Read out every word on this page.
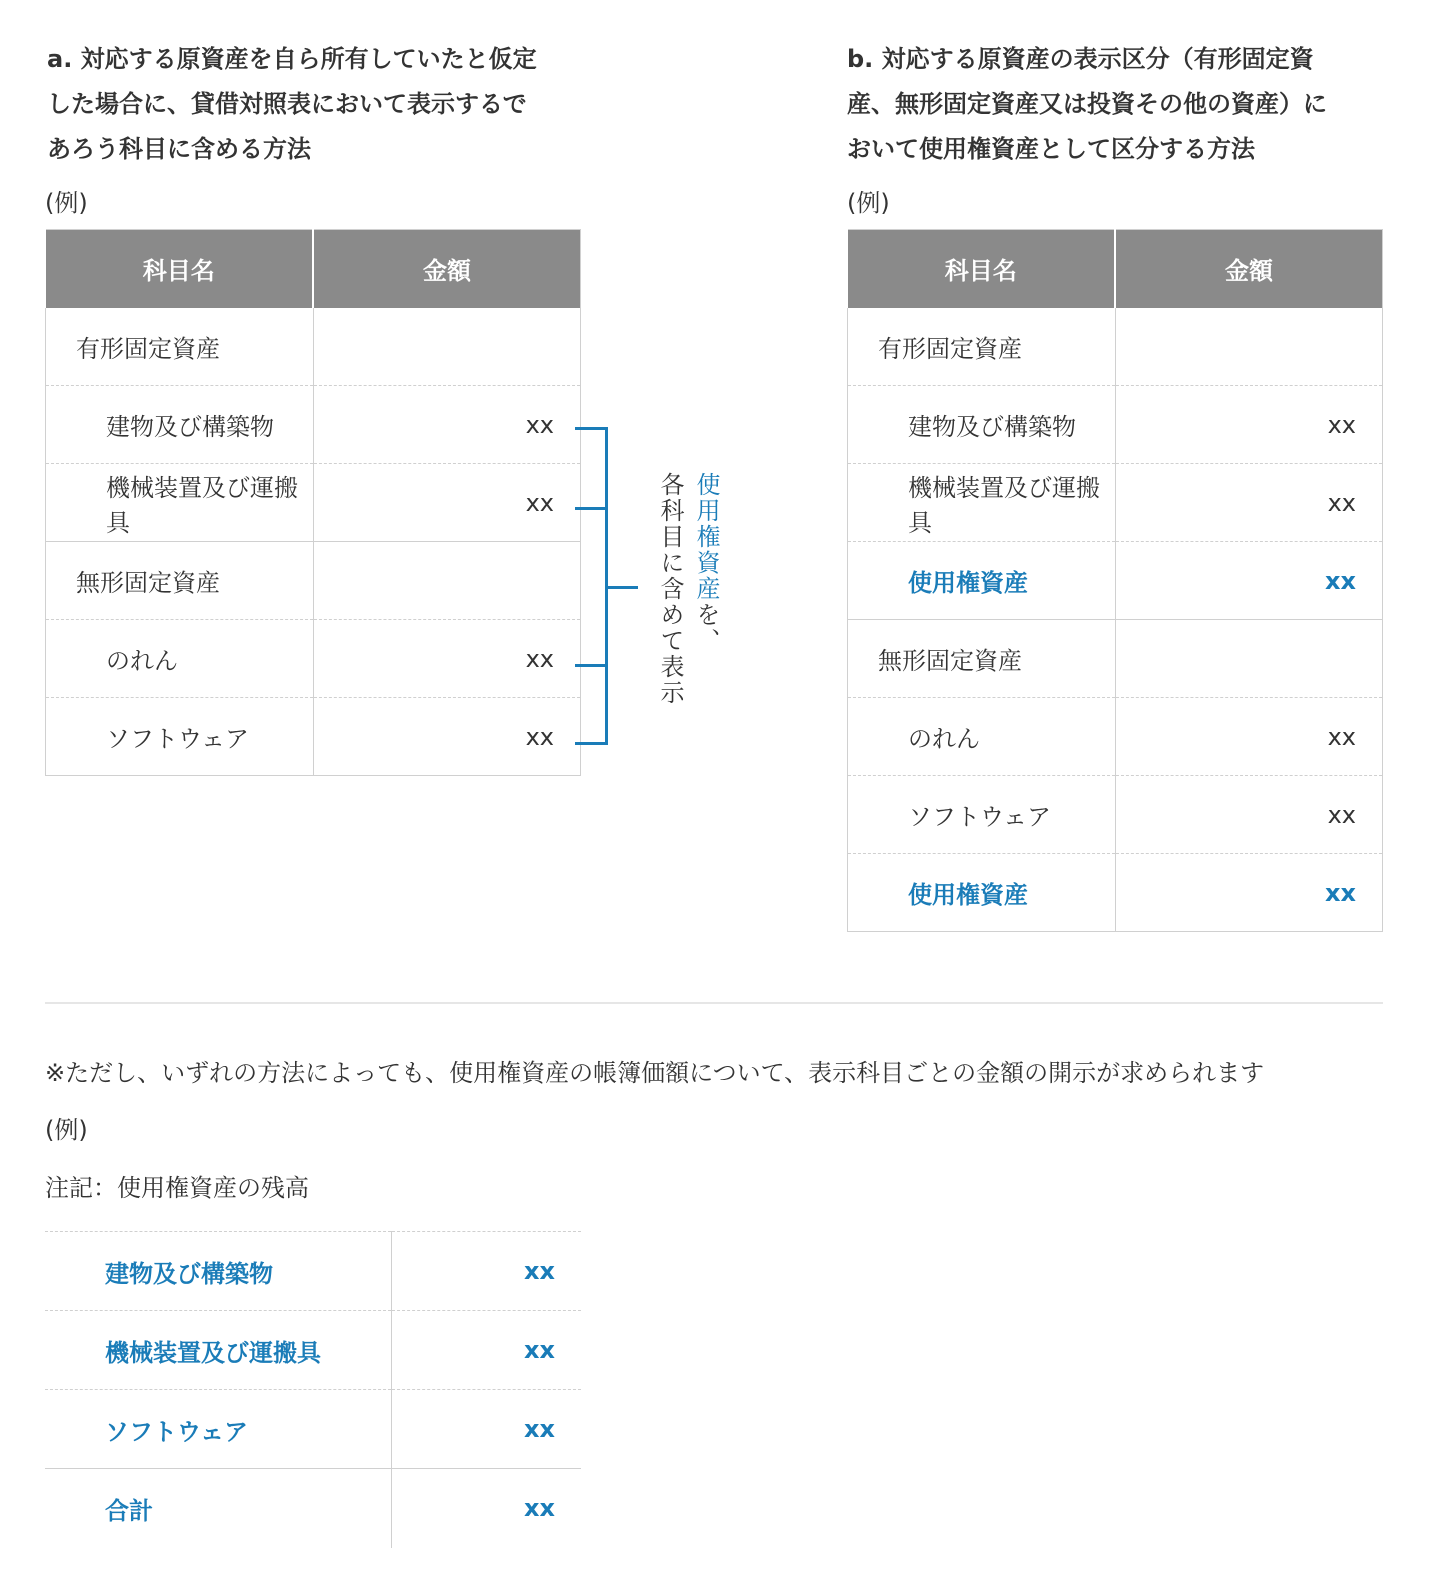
a. 対応する原資産を自ら所有していたと仮定
した場合に、貸借対照表において表示するで
あろう科目に含める方法
(例)
科目名	金額
有形固定資産	
建物及び構築物	xx
機械装置及び運搬具	xx
無形固定資産	
のれん	xx
ソフトウェア	xx
使用権資産を、
各科目に含めて表示
b. 対応する原資産の表示区分（有形固定資
産、無形固定資産又は投資その他の資産）に
おいて使用権資産として区分する方法
(例)
科目名	金額
有形固定資産	
建物及び構築物	xx
機械装置及び運搬具	xx
使用権資産	xx
無形固定資産	
のれん	xx
ソフトウェア	xx
使用権資産	xx
※ただし、いずれの方法によっても、使用権資産の帳簿価額について、表示科目ごとの金額の開示が求められます
(例)
注記：使用権資産の残高
建物及び構築物	xx
機械装置及び運搬具	xx
ソフトウェア	xx
合計	xx
